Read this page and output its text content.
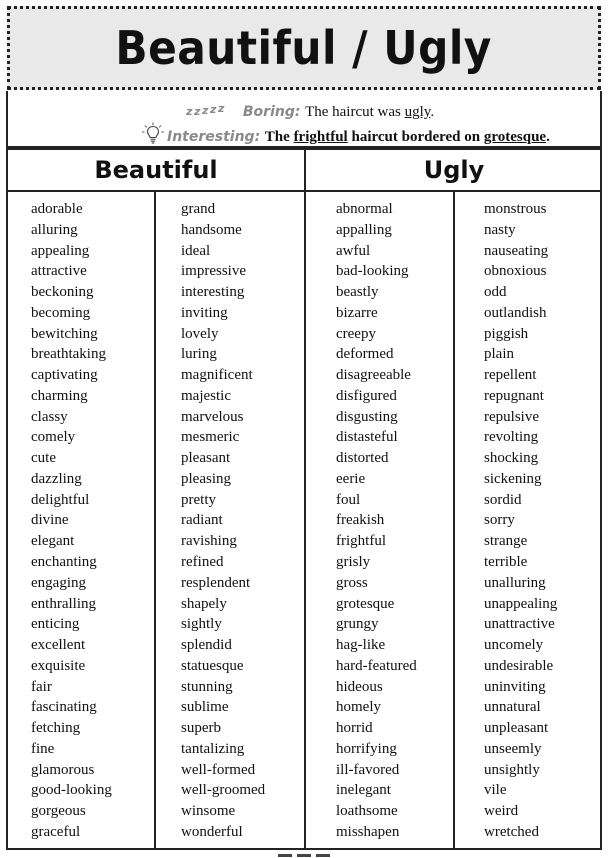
Beautiful / Ugly
z z z z z Boring: The haircut was ugly.
Interesting: The frightful haircut bordered on grotesque.
Beautiful	Ugly
adorable
alluring
appealing
attractive
beckoning
becoming
bewitching
breathtaking
captivating
charming
classy
comely
cute
dazzling
delightful
divine
elegant
enchanting
engaging
enthralling
enticing
excellent
exquisite
fair
fascinating
fetching
fine
glamorous
good-looking
gorgeous
graceful
grand
handsome
ideal
impressive
interesting
inviting
lovely
luring
magnificent
majestic
marvelous
mesmeric
pleasant
pleasing
pretty
radiant
ravishing
refined
resplendent
shapely
sightly
splendid
statuesque
stunning
sublime
superb
tantalizing
well-formed
well-groomed
winsome
wonderful
abnormal
appalling
awful
bad-looking
beastly
bizarre
creepy
deformed
disagreeable
disfigured
disgusting
distasteful
distorted
eerie
foul
freakish
frightful
grisly
gross
grotesque
grungy
hag-like
hard-featured
hideous
homely
horrid
horrifying
ill-favored
inelegant
loathsome
misshapen
monstrous
nasty
nauseating
obnoxious
odd
outlandish
piggish
plain
repellent
repugnant
repulsive
revolting
shocking
sickening
sordid
sorry
strange
terrible
unalluring
unappealing
unattractive
uncomely
undesirable
uninviting
unnatural
unpleasant
unseemly
unsightly
vile
weird
wretched
